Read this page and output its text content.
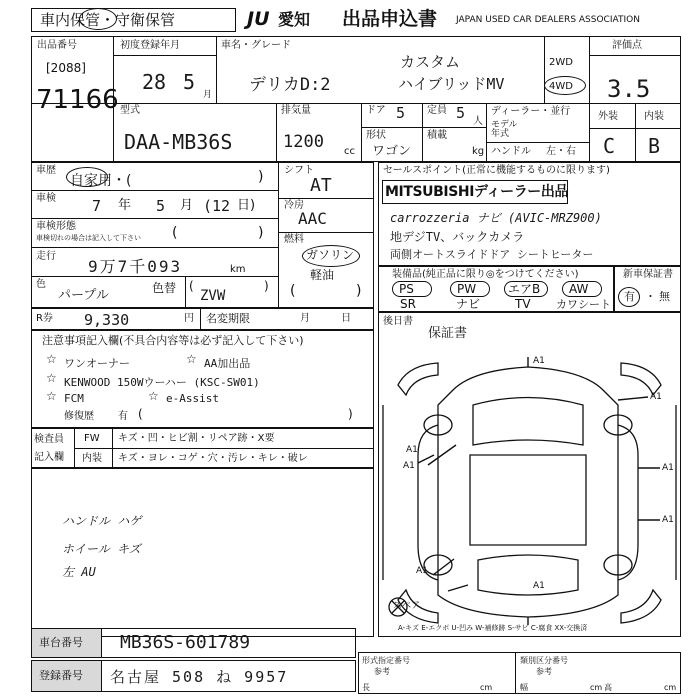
車内保管・守衛保管	JU 愛知 出品申込書 JAPAN USED CAR DEALERS ASSOCIATION
出品番号
[2088]
71166
初度登録年月
28 5
月
車名・グレード
デリカD:2
カスタム
ハイブリッドMV
2WD
4WD
評価点
3.5
型式
DAA-MB36S
排気量
1200 cc
ドア 5 定員 5 人
形状
ワゴン
積載
kg
ディーラー・並行
モデル年式
ハンドル 左・右
外装	内装
C B
車歴
自家用・(	)
車検 7 年 5 月 (12 日)
車検形態
車検切れの場合は記入して下さい (	)
走行
9万7千093	km
色
パープル	色替 (
ZVW
)
シフト
AT
冷房
AAC
燃料
ガソリン
軽油
(	)
R券 9,330	円 名変期限	月 日
セールスポイント(正常に機能するものに限ります)
MITSUBISHIディーラー出品
carrozzeria ナビ (AVIC-MRZ900)
地デジTV、バックカメラ
両側オートスライドドア シートヒーター
装備品(純正品に限り◎をつけてください)	新車保証書
有 ・ 無
PS	PW	エアB AW
SR	ナビ	TV カワシート
注意事項記入欄(不具合内容等は必ず記入して下さい)
☆ ワンオーナー	☆ AA加出品
☆ KENWOOD 150Wウーハー (KSC-SW01)
☆ FCM	☆ e-Assist
修復歴 有 (	)
後日書
保証書
検査員
記入欄
FW キズ・凹・ヒビ割・リペア跡・X要
内装 キズ・ヨレ・コゲ・穴・汚レ・キレ・破レ
ハンドル ハゲ
ホイール キズ
左 AU
A1
A1
A1
A1
A1
A1
A1
A1
スペア
A-キズ E-エクボ U-凹み W-補修跡 S-サビ C-腐食 XX-交換済
車台番号 MB36S-601789
登録番号 名古屋 508 ね 9957
形式指定番号	類別区分番号
参考	参考
長	cm	幅	cm 高	cm
